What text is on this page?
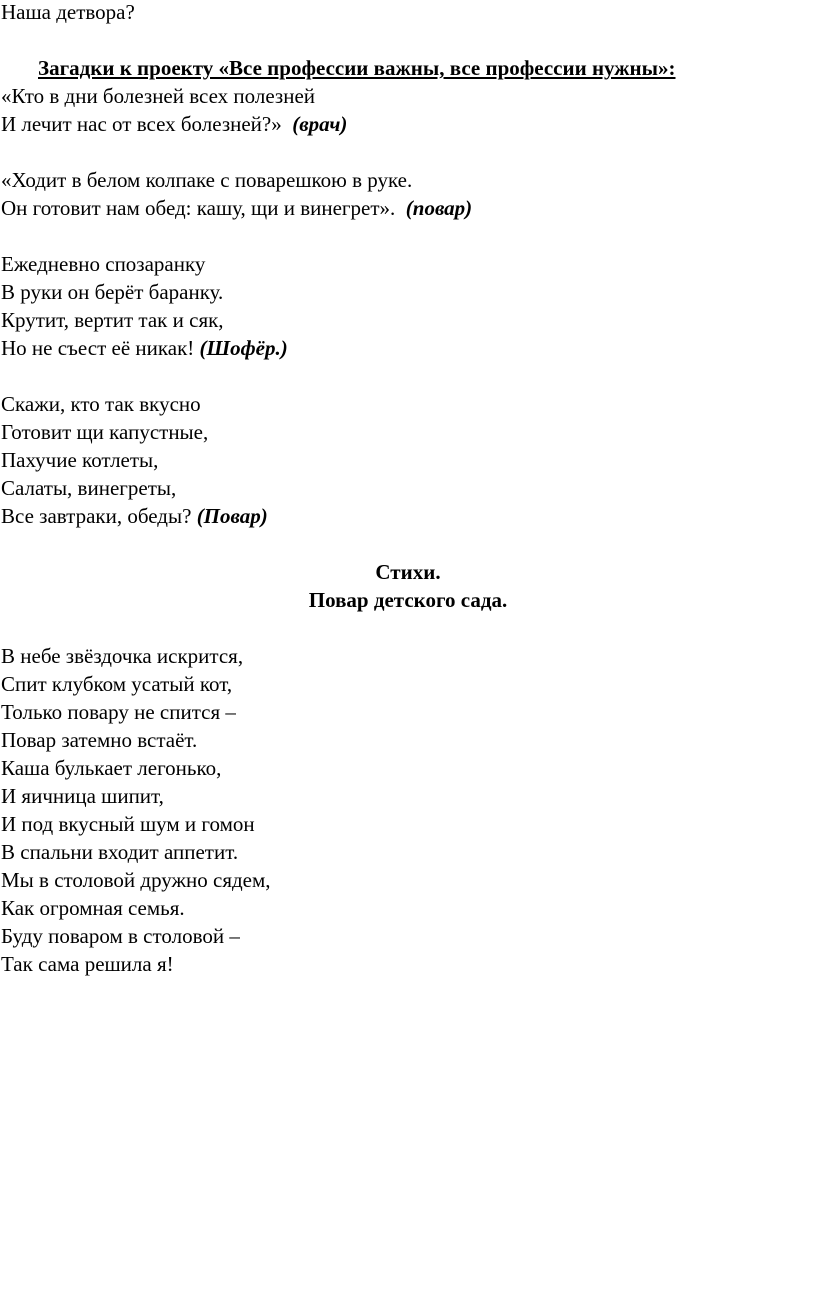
Наша детвора?
Загадки к проекту «Все профессии важны, все профессии нужны»:
«Кто в дни болезней всех полезней
И лечит нас от всех болезней?» (врач)
«Ходит в белом колпаке с поварешкою в руке.
Он готовит нам обед: кашу, щи и винегрет». (повар)
Ежедневно спозаранку
В руки он берёт баранку.
Крутит, вертит так и сяк,
Но не съест её никак! (Шофёр.)
Скажи, кто так вкусно
Готовит щи капустные,
Пахучие котлеты,
Салаты, винегреты,
Все завтраки, обеды? (Повар)
Стихи.
Повар детского сада.
В небе звёздочка искрится,
Спит клубком усатый кот,
Только повару не спится –
Повар затемно встаёт.
Каша булькает легонько,
И яичница шипит,
И под вкусный шум и гомон
В спальни входит аппетит.
Мы в столовой дружно сядем,
Как огромная семья.
Буду поваром в столовой –
Так сама решила я!
